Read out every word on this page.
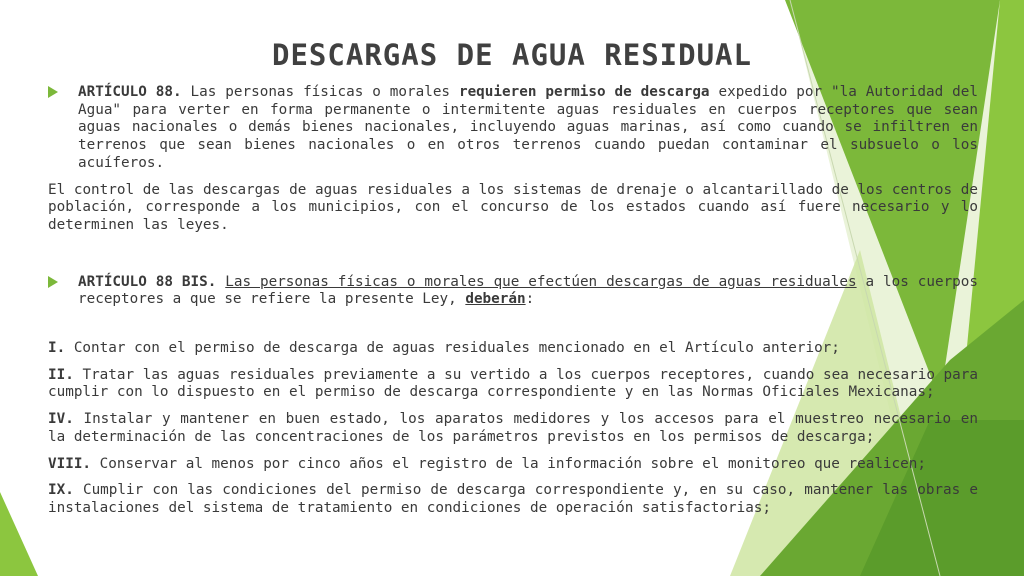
DESCARGAS DE AGUA RESIDUAL
ARTÍCULO 88. Las personas físicas o morales requieren permiso de descarga expedido por "la Autoridad del Agua" para verter en forma permanente o intermitente aguas residuales en cuerpos receptores que sean aguas nacionales o demás bienes nacionales, incluyendo aguas marinas, así como cuando se infiltren en terrenos que sean bienes nacionales o en otros terrenos cuando puedan contaminar el subsuelo o los acuíferos.

El control de las descargas de aguas residuales a los sistemas de drenaje o alcantarillado de los centros de población, corresponde a los municipios, con el concurso de los estados cuando así fuere necesario y lo determinen las leyes.

ARTÍCULO 88 BIS. Las personas físicas o morales que efectúen descargas de aguas residuales a los cuerpos receptores a que se refiere la presente Ley, deberán:

I. Contar con el permiso de descarga de aguas residuales mencionado en el Artículo anterior;

II. Tratar las aguas residuales previamente a su vertido a los cuerpos receptores, cuando sea necesario para cumplir con lo dispuesto en el permiso de descarga correspondiente y en las Normas Oficiales Mexicanas;

IV. Instalar y mantener en buen estado, los aparatos medidores y los accesos para el muestreo necesario en la determinación de las concentraciones de los parámetros previstos en los permisos de descarga;

VIII. Conservar al menos por cinco años el registro de la información sobre el monitoreo que realicen;

IX. Cumplir con las condiciones del permiso de descarga correspondiente y, en su caso, mantener las obras e instalaciones del sistema de tratamiento en condiciones de operación satisfactorias;
